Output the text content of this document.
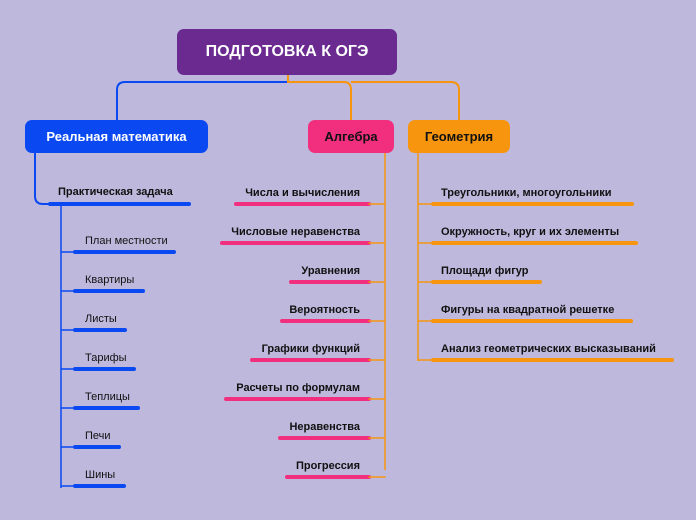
ПОДГОТОВКА К ОГЭ
Реальная математика	Алгебра	Геометрия
Практическая задача
План местности
Квартиры
Листы
Тарифы
Теплицы
Печи
Шины
Числа и вычисления
Числовые неравенства
Уравнения
Вероятность
Графики функций
Расчеты по формулам
Неравенства
Прогрессия
Треугольники, многоугольники
Окружность, круг и их элементы
Площади фигур
Фигуры на квадратной решетке
Анализ геометрических высказываний
